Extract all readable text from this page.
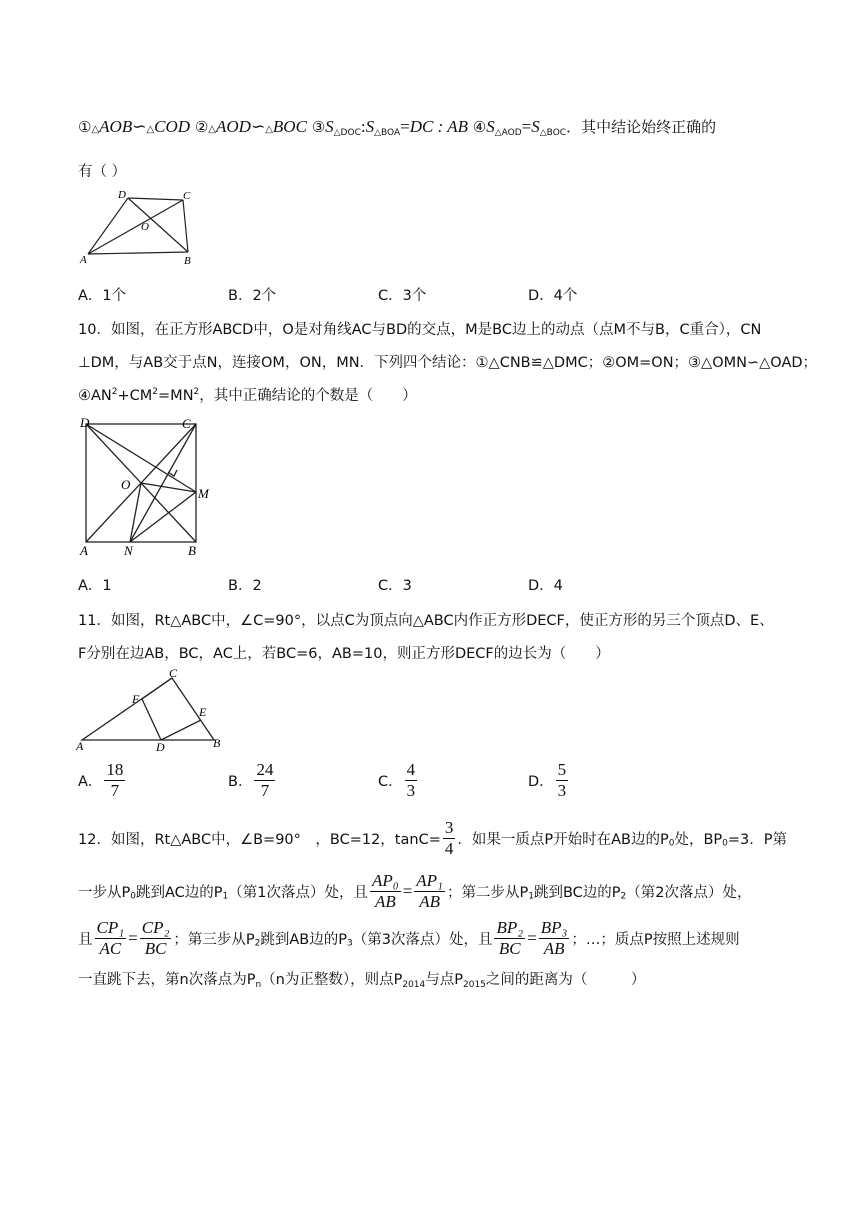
①△AOB∽△COD ②△AOD∽△BOC $③S_{\triangle DOC}:S_{\triangle BOA}=DC$ : AB $④S_{\triangle AOD}=S_{\triangle BOC}$．其中结论始终正确的
有（ ）
D	C
O
A	B
A．1个	B．2个	C．3个	D．4个
10．如图，在正方形ABCD中，O是对角线AC与BD的交点，M是BC边上的动点（点M不与B，C重合），CN
⊥DM，与AB交于点N，连接OM，ON，MN．下列四个结论：①△CNB≌△DMC；②OM=ON；③△OMN∽△OAD；
$④AN^2+CM^2=MN^2$，其中正确结论的个数是（　　）
D	C
O
M
A	N	B
A．1	B．2	C．3	D．4
11．如图，Rt△ABC中，∠C=90°，以点C为顶点向△ABC内作正方形DECF，使正方形的另三个顶点D、E、
F分别在边AB，BC，AC上，若BC=6，AB=10，则正方形DECF的边长为（　　）
C
F
E
A	D	B
A． $\frac{18}{7}$	B． $\frac{24}{7}$	C． $\frac{4}{3}$	D． $\frac{5}{3}$
12．如图，Rt△ABC中，∠B=90°　，BC=12，$\tan C= \frac{3}{4}$ ．如果一质点P开始时在AB边的$P_0$处，$BP_0=3$．P第
一步从$P_0$跳到AC边的$P_1$（第1次落点）处，且 $\frac{\text{AP₀}}{AB} = \frac{\text{AP₁}}{AB}$ ；第二步从$P_1$跳到BC边的$P_2$（第2次落点）处，
且 $\frac{\text{CP₁}}{AC} = \frac{\text{CP₂}}{BC}$ ；第三步从$P_2$跳到AB边的$P_3$（第3次落点）处，且 $\frac{\text{BP₂}}{BC} = \frac{\text{BP₃}}{AB}$ ；…；质点P按照上述规则
一直跳下去，第n次落点为$P_n(n$为正整数），则点$P_{2014}$与点$P_{2015}$之间的距离为（　　　）
